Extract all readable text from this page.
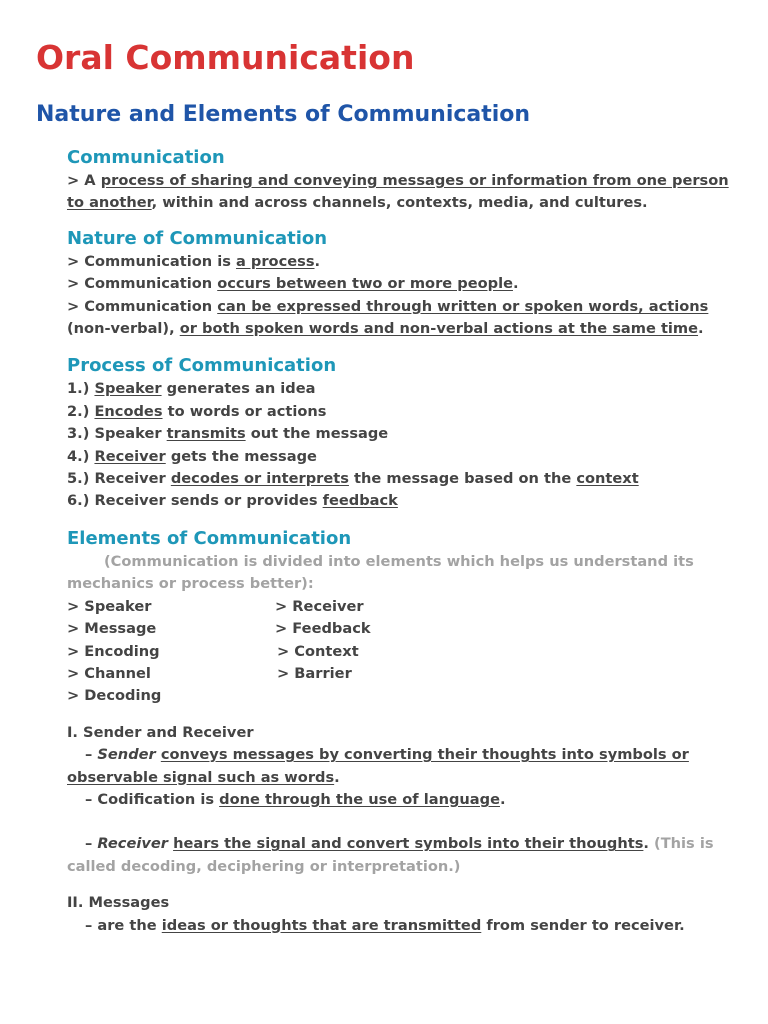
Oral Communication
Nature and Elements of Communication

Communication

> A process of sharing and conveying messages or information from one person to another, within and across channels, contexts, media, and cultures.

Nature of Communication

> Communication is a process.

> Communication occurs between two or more people.

> Communication can be expressed through written or spoken words, actions (non-verbal), or both spoken words and non-verbal actions at the same time.

Process of Communication

1.) Speaker generates an idea

2.) Encodes to words or actions

3.) Speaker transmits out the message

4.) Receiver gets the message

5.) Receiver decodes or interprets the message based on the context

6.) Receiver sends or provides feedback

Elements of Communication

(Communication is divided into elements which helps us understand its mechanics or process better):

> Speaker
> Message
> Encoding
> Channel
> Decoding
> Receiver
> Feedback
> Context
> Barrier

I. Sender and Receiver

– Sender conveys messages by converting their thoughts into symbols or observable signal such as words.

– Codification is done through the use of language.

– Receiver hears the signal and convert symbols into their thoughts. (This is called decoding, deciphering or interpretation.)

II. Messages

– are the ideas or thoughts that are transmitted from sender to receiver.
